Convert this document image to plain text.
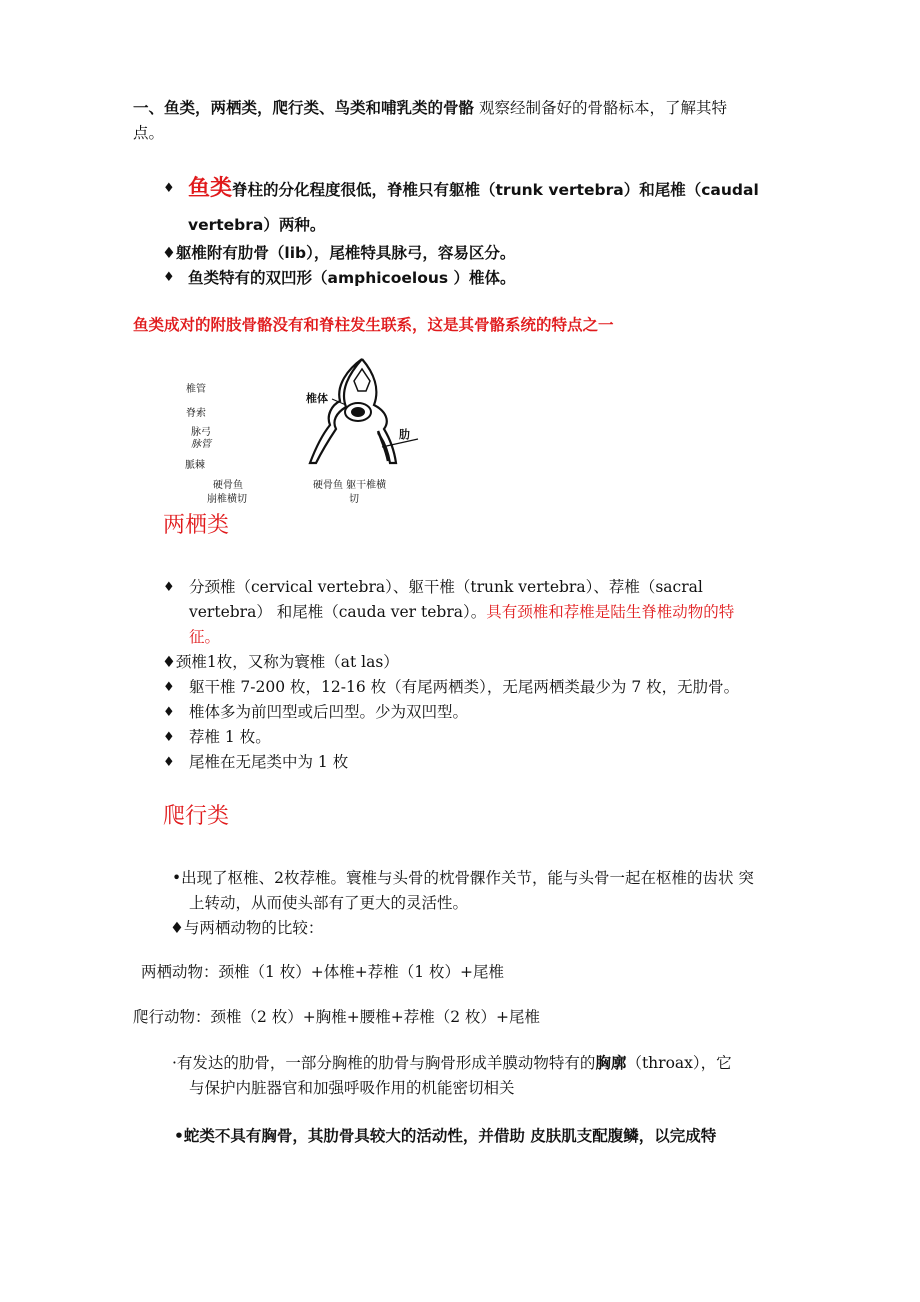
一、鱼类，两栖类，爬行类、鸟类和哺乳类的骨骼 观察经制备好的骨骼标本，了解其特
点。
♦ 鱼类脊柱的分化程度很低，脊椎只有躯椎（trunk vertebra）和尾椎（caudal
vertebra）两种。
♦躯椎附有肋骨（lib），尾椎特具脉弓，容易区分。
♦ 鱼类特有的双凹形（amphicoelous ）椎体。
鱼类成对的附肢骨骼没有和脊柱发生联系，这是其骨骼系统的特点之一
椎管
脊索
脉弓
脉管
脈棘
硬骨鱼
崩椎横切
椎体
肋
硬骨鱼 躯干椎横
切
两栖类
♦ 分颈椎（cervical vertebra）、躯干椎（trunk vertebra）、荐椎（sacral
vertebra） 和尾椎（cauda ver tebra）。具有颈椎和荐椎是陆生脊椎动物的特
征。
♦颈椎1枚，又称为寰椎（at las）
♦ 躯干椎 7-200 枚，12-16 枚（有尾两栖类），无尾两栖类最少为 7 枚，无肋骨。
♦ 椎体多为前凹型或后凹型。少为双凹型。
♦ 荐椎 1 枚。
♦ 尾椎在无尾类中为 1 枚
爬行类
•出现了枢椎、2枚荐椎。寰椎与头骨的枕骨髁作关节，能与头骨一起在枢椎的齿状 突
上转动，从而使头部有了更大的灵活性。
♦与两栖动物的比较：
两栖动物：颈椎（1 枚）+体椎+荐椎（1 枚）+尾椎
爬行动物：颈椎（2 枚）+胸椎+腰椎+荐椎（2 枚）+尾椎
·有发达的肋骨，一部分胸椎的肋骨与胸骨形成羊膜动物特有的胸廓（throax），它
与保护内脏器官和加强呼吸作用的机能密切相关
•蛇类不具有胸骨，其肋骨具较大的活动性，并借助 皮肤肌支配腹鳞，以完成特
